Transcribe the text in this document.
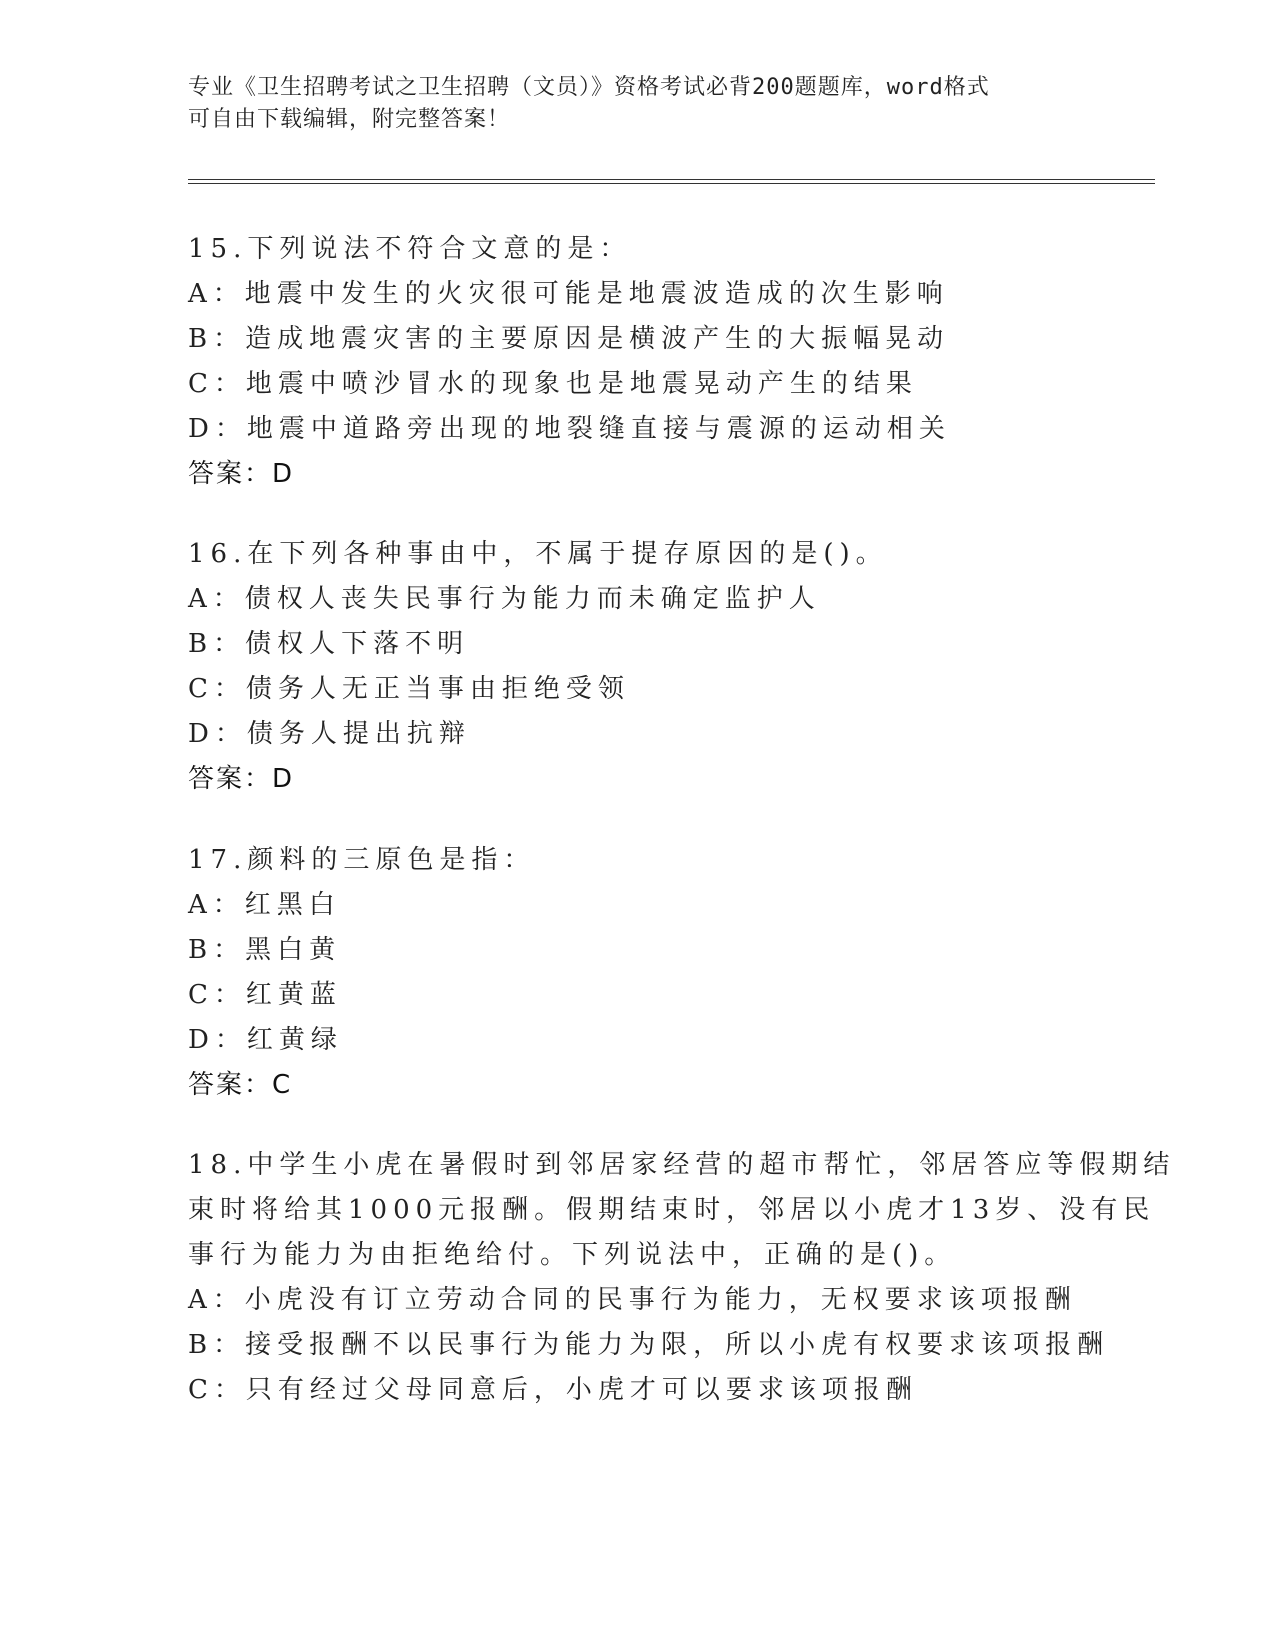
专业《卫生招聘考试之卫生招聘（文员）》资格考试必背200题题库，word格式
可自由下载编辑，附完整答案！
15.下列说法不符合文意的是：
A：地震中发生的火灾很可能是地震波造成的次生影响
B：造成地震灾害的主要原因是横波产生的大振幅晃动
C：地震中喷沙冒水的现象也是地震晃动产生的结果
D：地震中道路旁出现的地裂缝直接与震源的运动相关
答案：D
16.在下列各种事由中，不属于提存原因的是()。
A：债权人丧失民事行为能力而未确定监护人
B：债权人下落不明
C：债务人无正当事由拒绝受领
D：债务人提出抗辩
答案：D
17.颜料的三原色是指：
A：红黑白
B：黑白黄
C：红黄蓝
D：红黄绿
答案：C
18.中学生小虎在暑假时到邻居家经营的超市帮忙，邻居答应等假期结
束时将给其1000元报酬。假期结束时，邻居以小虎才13岁、没有民
事行为能力为由拒绝给付。下列说法中，正确的是()。
A：小虎没有订立劳动合同的民事行为能力，无权要求该项报酬
B：接受报酬不以民事行为能力为限，所以小虎有权要求该项报酬
C：只有经过父母同意后，小虎才可以要求该项报酬
